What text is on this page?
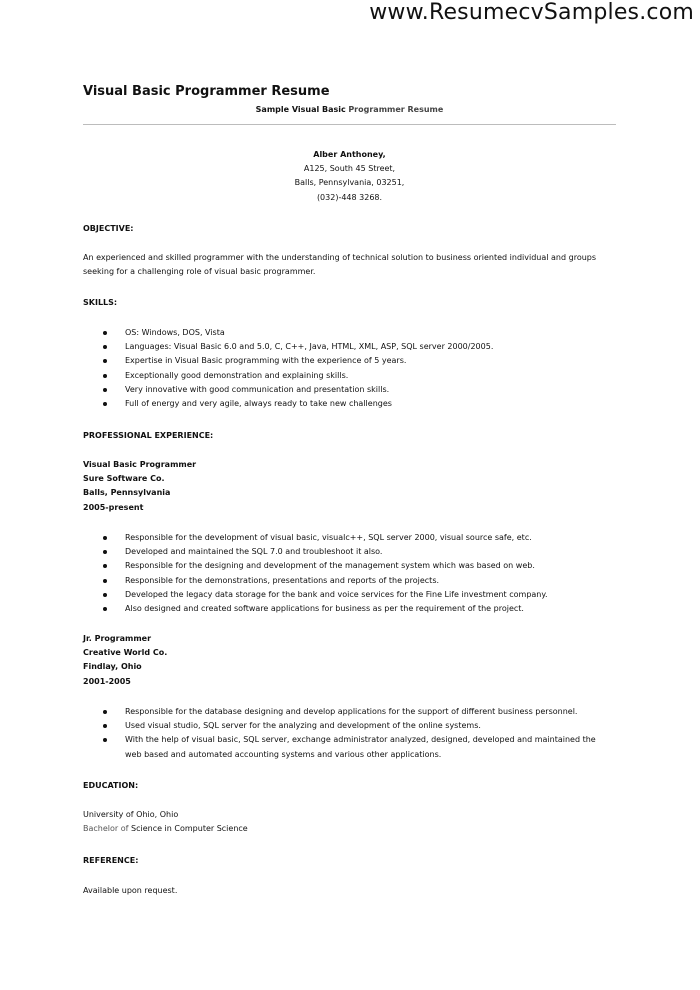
www.ResumecvSamples.com
Visual Basic Programmer Resume
Sample Visual Basic Programmer Resume
Alber Anthoney,
A125, South 45 Street,
Balls, Pennsylvania, 03251,
(032)-448 3268.
OBJECTIVE:
An experienced and skilled programmer with the understanding of technical solution to business oriented individual and groups seeking for a challenging role of visual basic programmer.
SKILLS:
OS: Windows, DOS, Vista
Languages: Visual Basic 6.0 and 5.0, C, C++, Java, HTML, XML, ASP, SQL server 2000/2005.
Expertise in Visual Basic programming with the experience of 5 years.
Exceptionally good demonstration and explaining skills.
Very innovative with good communication and presentation skills.
Full of energy and very agile, always ready to take new challenges
PROFESSIONAL EXPERIENCE:
Visual Basic Programmer
Sure Software Co.
Balls, Pennsylvania
2005-present
Responsible for the development of visual basic, visualc++, SQL server 2000, visual source safe, etc.
Developed and maintained the SQL 7.0 and troubleshoot it also.
Responsible for the designing and development of the management system which was based on web.
Responsible for the demonstrations, presentations and reports of the projects.
Developed the legacy data storage for the bank and voice services for the Fine Life investment company.
Also designed and created software applications for business as per the requirement of the project.
Jr. Programmer
Creative World Co.
Findlay, Ohio
2001-2005
Responsible for the database designing and develop applications for the support of different business personnel.
Used visual studio, SQL server for the analyzing and development of the online systems.
With the help of visual basic, SQL server, exchange administrator analyzed, designed, developed and maintained the web based and automated accounting systems and various other applications.
EDUCATION:
University of Ohio, Ohio
Bachelor of Science in Computer Science
REFERENCE:
Available upon request.
